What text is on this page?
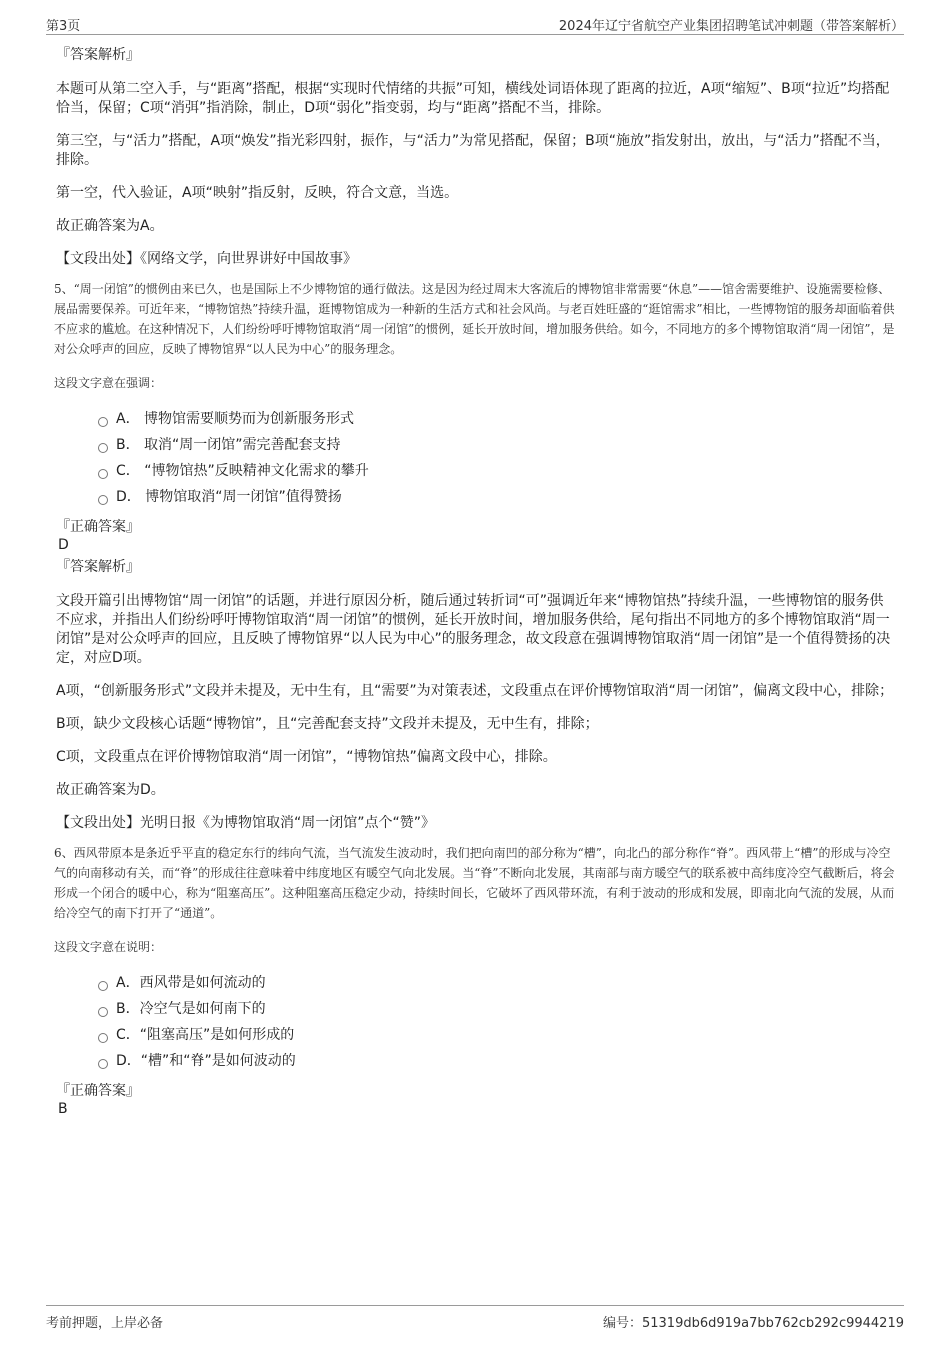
第3页	2024年辽宁省航空产业集团招聘笔试冲刺题（带答案解析）
『答案解析』

本题可从第二空入手，与“距离”搭配，根据“实现时代情绪的共振”可知，横线处词语体现了距离的拉近，A项“缩短”、B项“拉近”均搭配恰当，保留；C项“消弭”指消除，制止，D项“弱化”指变弱，均与“距离”搭配不当，排除。

第三空，与“活力”搭配，A项“焕发”指光彩四射，振作，与“活力”为常见搭配，保留；B项“施放”指发射出，放出，与“活力”搭配不当，排除。

第一空，代入验证，A项“映射”指反射，反映，符合文意，当选。

故正确答案为A。

【文段出处】《网络文学，向世界讲好中国故事》

5、“周一闭馆”的惯例由来已久，也是国际上不少博物馆的通行做法。这是因为经过周末大客流后的博物馆非常需要“休息”——馆舍需要维护、设施需要检修、展品需要保养。可近年来，“博物馆热”持续升温，逛博物馆成为一种新的生活方式和社会风尚。与老百姓旺盛的“逛馆需求”相比，一些博物馆的服务却面临着供不应求的尴尬。在这种情况下，人们纷纷呼吁博物馆取消“周一闭馆”的惯例，延长开放时间，增加服务供给。如今，不同地方的多个博物馆取消“周一闭馆”，是对公众呼声的回应，反映了博物馆界“以人民为中心”的服务理念。
这段文字意在强调：
A． 博物馆需要顺势而为创新服务形式
B． 取消“周一闭馆”需完善配套支持
C． “博物馆热”反映精神文化需求的攀升
D． 博物馆取消“周一闭馆”值得赞扬
『正确答案』
D
『答案解析』

文段开篇引出博物馆“周一闭馆”的话题，并进行原因分析，随后通过转折词“可”强调近年来“博物馆热”持续升温，一些博物馆的服务供不应求，并指出人们纷纷呼吁博物馆取消“周一闭馆”的惯例，延长开放时间，增加服务供给，尾句指出不同地方的多个博物馆取消“周一闭馆”是对公众呼声的回应，且反映了博物馆界“以人民为中心”的服务理念，故文段意在强调博物馆取消“周一闭馆”是一个值得赞扬的决定，对应D项。

A项，“创新服务形式”文段并未提及，无中生有，且“需要”为对策表述，文段重点在评价博物馆取消“周一闭馆”，偏离文段中心，排除；

B项，缺少文段核心话题“博物馆”，且“完善配套支持”文段并未提及，无中生有，排除；

C项，文段重点在评价博物馆取消“周一闭馆”，“博物馆热”偏离文段中心，排除。

故正确答案为D。

【文段出处】光明日报《为博物馆取消“周一闭馆”点个“赞”》

6、西风带原本是条近乎平直的稳定东行的纬向气流，当气流发生波动时，我们把向南凹的部分称为“槽”，向北凸的部分称作“脊”。西风带上“槽”的形成与冷空气的向南移动有关，而“脊”的形成往往意味着中纬度地区有暖空气向北发展。当“脊”不断向北发展，其南部与南方暖空气的联系被中高纬度冷空气截断后，将会形成一个闭合的暖中心，称为“阻塞高压”。这种阻塞高压稳定少动，持续时间长，它破坏了西风带环流，有利于波动的形成和发展，即南北向气流的发展，从而给冷空气的南下打开了“通道”。
这段文字意在说明：
A．西风带是如何流动的
B．冷空气是如何南下的
C．“阻塞高压”是如何形成的
D．“槽”和“脊”是如何波动的
『正确答案』
B
考前押题，上岸必备	编号：51319db6d919a7bb762cb292c9944219
